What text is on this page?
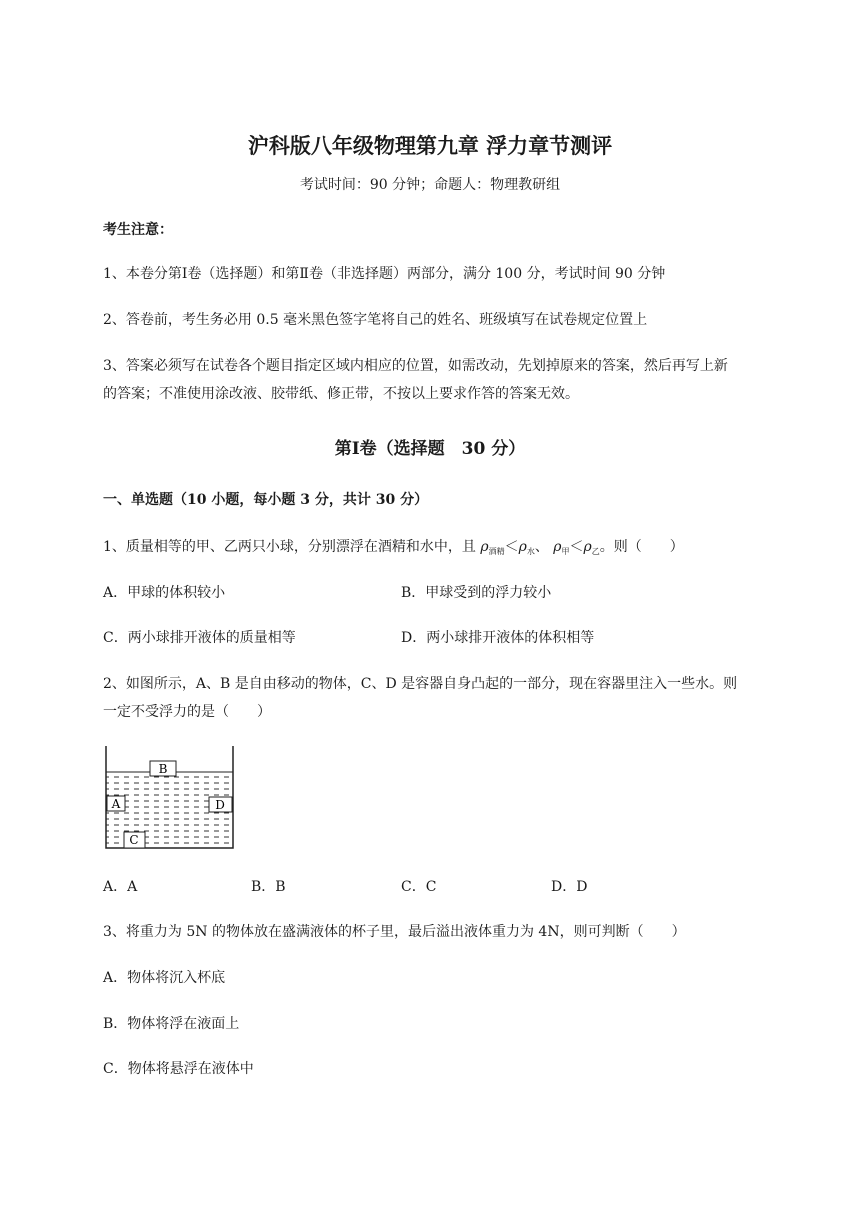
沪科版八年级物理第九章 浮力章节测评
考试时间：90 分钟；命题人：物理教研组
考生注意：
1、本卷分第Ⅰ卷（选择题）和第Ⅱ卷（非选择题）两部分，满分 100 分，考试时间 90 分钟
2、答卷前，考生务必用 0.5 毫米黑色签字笔将自己的姓名、班级填写在试卷规定位置上
3、答案必须写在试卷各个题目指定区域内相应的位置，如需改动，先划掉原来的答案，然后再写上新
的答案；不准使用涂改液、胶带纸、修正带，不按以上要求作答的答案无效。
第Ⅰ卷（选择题　30 分）
一、单选题（10 小题，每小题 3 分，共计 30 分）
1、质量相等的甲、乙两只小球，分别漂浮在酒精和水中，且 $\rho_{酒精}<\rho_水$、 $\rho_甲<\rho_乙$。则（　　）
A．甲球的体积较小	B．甲球受到的浮力较小
C．两小球排开液体的质量相等	D．两小球排开液体的体积相等
2、如图所示，A、B 是自由移动的物体，C、D 是容器自身凸起的一部分，现在容器里注入一些水。则
一定不受浮力的是（　　）
B
A	D
C
A．A	B．B	C．C	D．D
3、将重力为 5N 的物体放在盛满液体的杯子里，最后溢出液体重力为 4N，则可判断（　　）
A．物体将沉入杯底
B．物体将浮在液面上
C．物体将悬浮在液体中
